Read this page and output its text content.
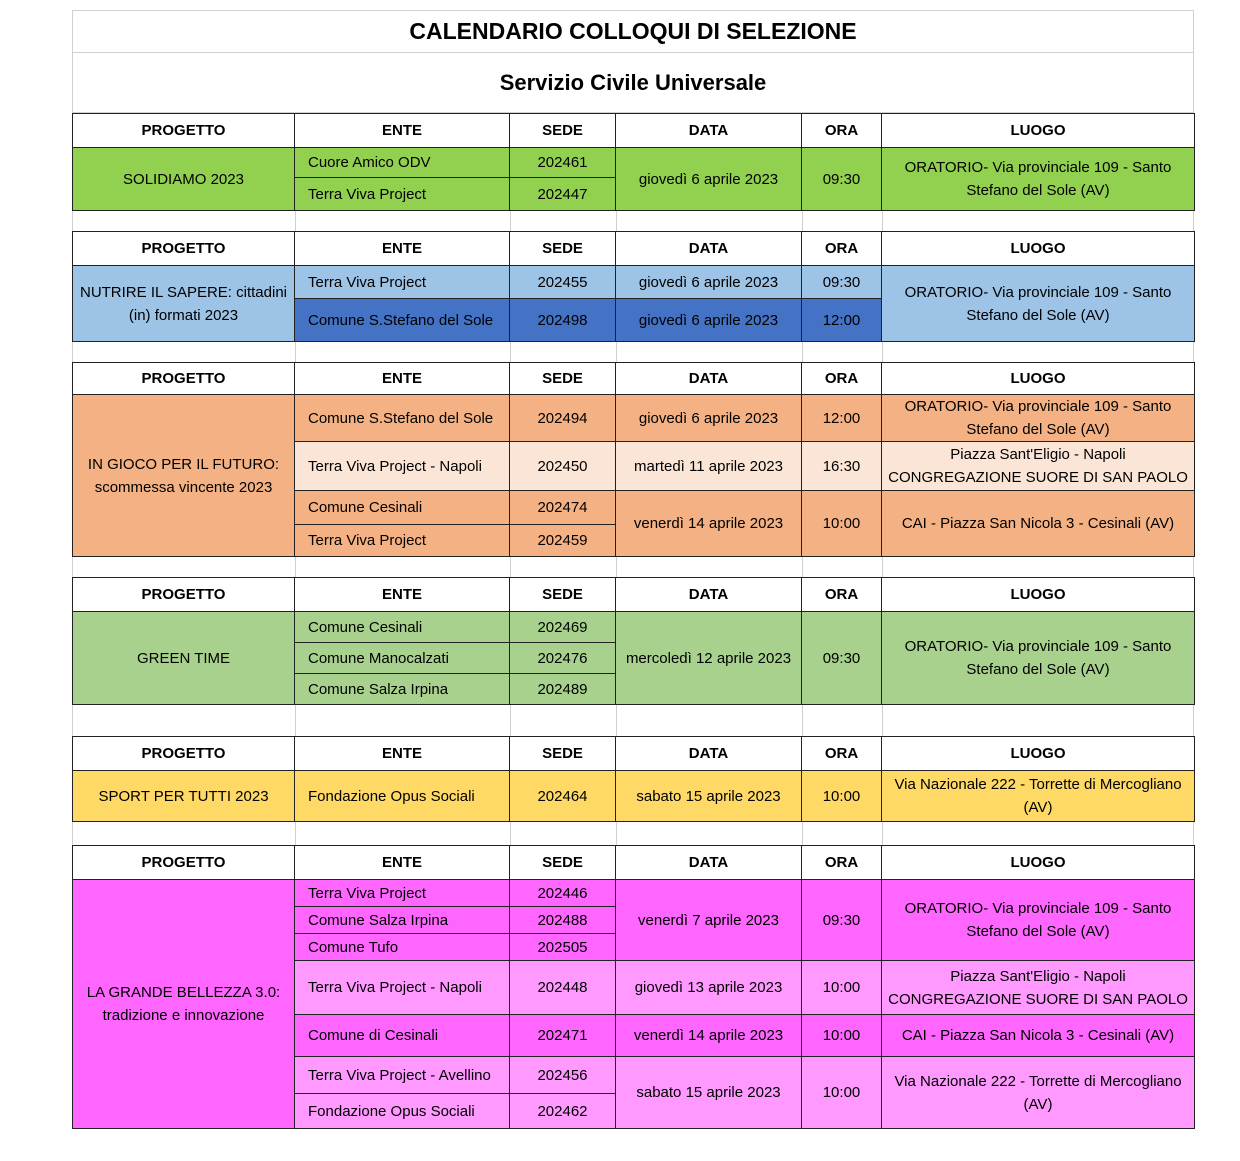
CALENDARIO COLLOQUI DI SELEZIONE
Servizio Civile Universale
PROGETTO	ENTE	SEDE	DATA	ORA	LUOGO
SOLIDIAMO 2023	Cuore Amico ODV	202461	giovedì 6 aprile 2023	09:30	ORATORIO- Via provinciale 109 - Santo Stefano del Sole (AV)
	Terra Viva Project	202447			
PROGETTO	ENTE	SEDE	DATA	ORA	LUOGO
NUTRIRE IL SAPERE: cittadini (in) formati 2023	Terra Viva Project	202455	giovedì 6 aprile 2023	09:30	ORATORIO- Via provinciale 109 - Santo Stefano del Sole (AV)
	Comune S.Stefano del Sole	202498	giovedì 6 aprile 2023	12:00	
PROGETTO	ENTE	SEDE	DATA	ORA	LUOGO
IN GIOCO PER IL FUTURO: scommessa vincente 2023	Comune S.Stefano del Sole	202494	giovedì 6 aprile 2023	12:00	ORATORIO- Via provinciale 109 - Santo Stefano del Sole (AV)
	Terra Viva Project - Napoli	202450	martedì 11 aprile 2023	16:30	Piazza Sant'Eligio - Napoli CONGREGAZIONE SUORE DI SAN PAOLO
	Comune Cesinali	202474	venerdì 14 aprile 2023	10:00	CAI - Piazza San Nicola 3 - Cesinali (AV)
	Terra Viva Project	202459			
PROGETTO	ENTE	SEDE	DATA	ORA	LUOGO
GREEN TIME	Comune Cesinali	202469	mercoledì 12 aprile 2023	09:30	ORATORIO- Via provinciale 109 - Santo Stefano del Sole (AV)
	Comune Manocalzati	202476			
	Comune Salza Irpina	202489			
PROGETTO	ENTE	SEDE	DATA	ORA	LUOGO
SPORT PER TUTTI 2023	Fondazione Opus Sociali	202464	sabato 15 aprile 2023	10:00	Via Nazionale 222 - Torrette di Mercogliano (AV)
PROGETTO	ENTE	SEDE	DATA	ORA	LUOGO
LA GRANDE BELLEZZA 3.0: tradizione e innovazione	Terra Viva Project	202446	venerdì 7 aprile 2023	09:30	ORATORIO- Via provinciale 109 - Santo Stefano del Sole (AV)
	Comune Salza Irpina	202488			
	Comune Tufo	202505			
	Terra Viva Project - Napoli	202448	giovedì 13 aprile 2023	10:00	Piazza Sant'Eligio - Napoli CONGREGAZIONE SUORE DI SAN PAOLO
	Comune di Cesinali	202471	venerdì 14 aprile 2023	10:00	CAI - Piazza San Nicola 3 - Cesinali (AV)
	Terra Viva Project - Avellino	202456	sabato 15 aprile 2023	10:00	Via Nazionale 222 - Torrette di Mercogliano (AV)
	Fondazione Opus Sociali	202462			
